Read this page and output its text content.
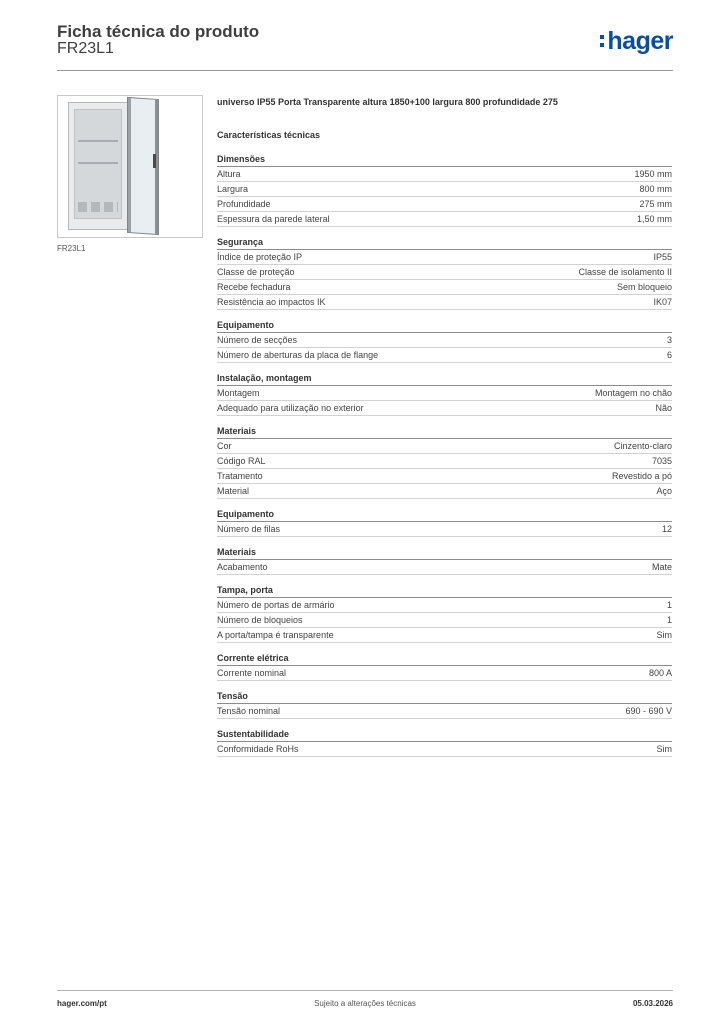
Ficha técnica do produto
FR23L1	hager
FR23L1
universo IP55 Porta Transparente altura 1850+100 largura 800 profundidade 275
Características técnicas
Dimensões
Altura	1950 mm
Largura	800 mm
Profundidade	275 mm
Espessura da parede lateral	1,50 mm
Segurança
Índice de proteção IP	IP55
Classe de proteção	Classe de isolamento II
Recebe fechadura	Sem bloqueio
Resistência ao impactos IK	IK07
Equipamento
Número de secções	3
Número de aberturas da placa de flange	6
Instalação, montagem
Montagem	Montagem no chão
Adequado para utilização no exterior	Não
Materiais
Cor	Cinzento-claro
Código RAL	7035
Tratamento	Revestido a pó
Material	Aço
Equipamento
Número de filas	12
Materiais
Acabamento	Mate
Tampa, porta
Número de portas de armário	1
Número de bloqueios	1
A porta/tampa é transparente	Sim
Corrente elétrica
Corrente nominal	800 A
Tensão
Tensão nominal	690 - 690 V
Sustentabilidade
Conformidade RoHs	Sim
hager.com/pt	Sujeito a alterações técnicas	05.03.2026
